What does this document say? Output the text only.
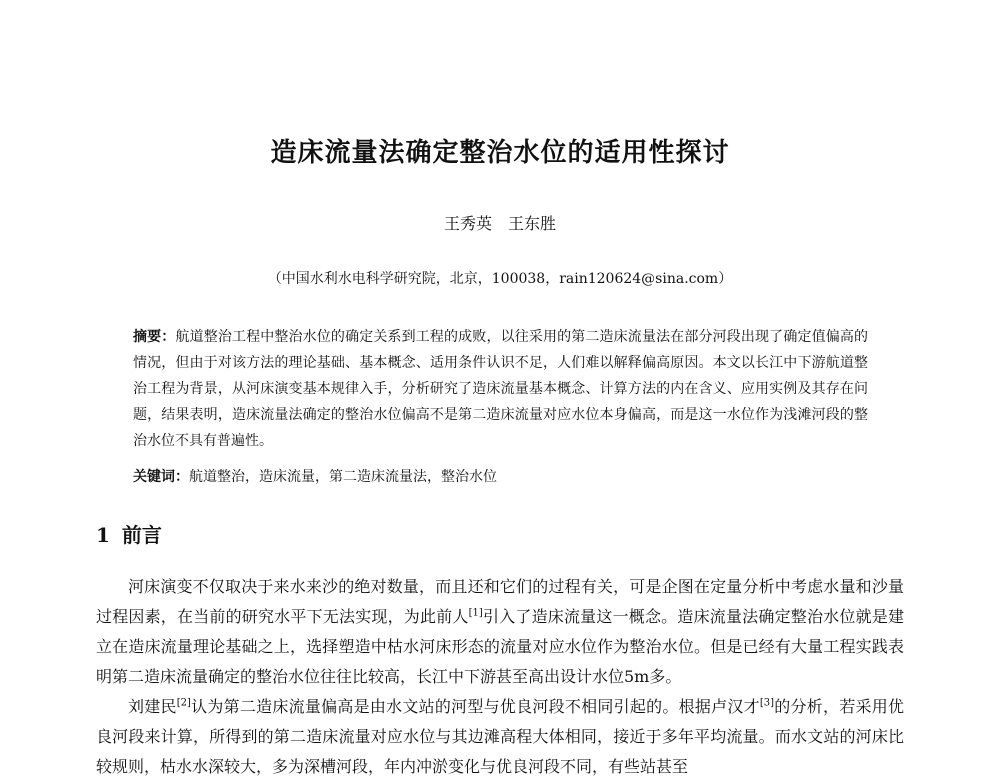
造床流量法确定整治水位的适用性探讨
王秀英　王东胜
（中国水利水电科学研究院，北京，100038，rain120624@sina.com）
摘要：航道整治工程中整治水位的确定关系到工程的成败，以往采用的第二造床流量法在部分河段出现了确定值偏高的情况，但由于对该方法的理论基础、基本概念、适用条件认识不足，人们难以解释偏高原因。本文以长江中下游航道整治工程为背景，从河床演变基本规律入手，分析研究了造床流量基本概念、计算方法的内在含义、应用实例及其存在问题，结果表明，造床流量法确定的整治水位偏高不是第二造床流量对应水位本身偏高，而是这一水位作为浅滩河段的整治水位不具有普遍性。
关键词：航道整治，造床流量，第二造床流量法，整治水位
1 前言

河床演变不仅取决于来水来沙的绝对数量，而且还和它们的过程有关，可是企图在定量分析中考虑水量和沙量过程因素，在当前的研究水平下无法实现，为此前人[1]引入了造床流量这一概念。造床流量法确定整治水位就是建立在造床流量理论基础之上，选择塑造中枯水河床形态的流量对应水位作为整治水位。但是已经有大量工程实践表明第二造床流量确定的整治水位往往比较高，长江中下游甚至高出设计水位5m多。

刘建民[2]认为第二造床流量偏高是由水文站的河型与优良河段不相同引起的。根据卢汉才[3]的分析，若采用优良河段来计算，所得到的第二造床流量对应水位与其边滩高程大体相同，接近于多年平均流量。而水文站的河床比较规则，枯水水深较大，多为深槽河段，年内冲淤变化与优良河段不同，有些站甚至
